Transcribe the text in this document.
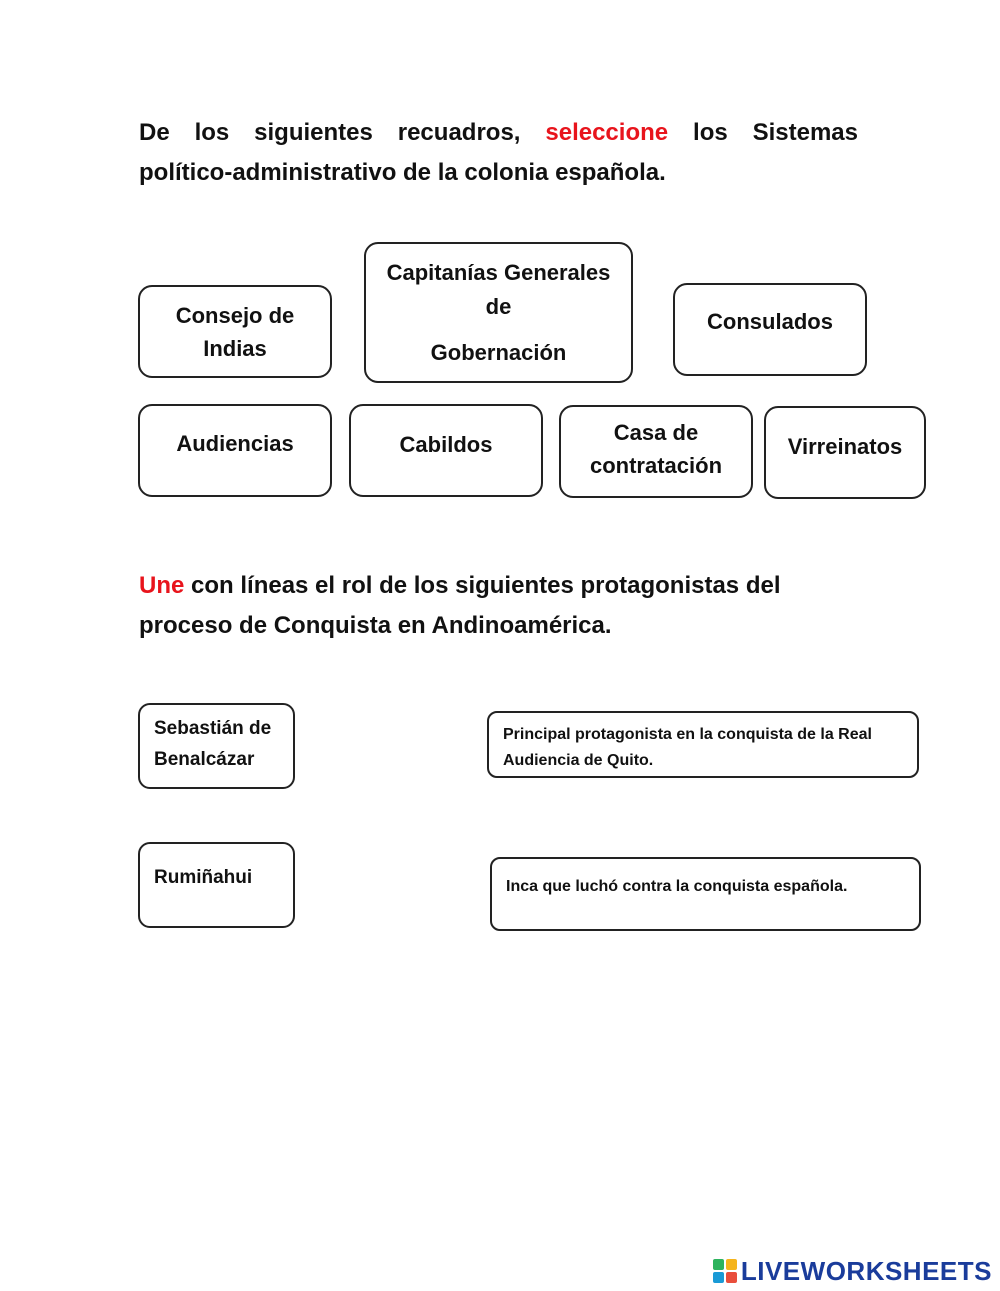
De los siguientes recuadros, seleccione los Sistemas
político-administrativo de la colonia española.
Consejo de
Indias
Capitanías Generales
de
Gobernación
Consulados
Audiencias	Cabildos	Casa de
contratación
Virreinatos
Une con líneas el rol de los siguientes protagonistas del
proceso de Conquista en Andinoamérica.
Sebastián de
Benalcázar
Rumiñahui
Principal protagonista en la conquista de la Real
Audiencia de Quito.
Inca que luchó contra la conquista española.
LIVEWORKSHEETS
